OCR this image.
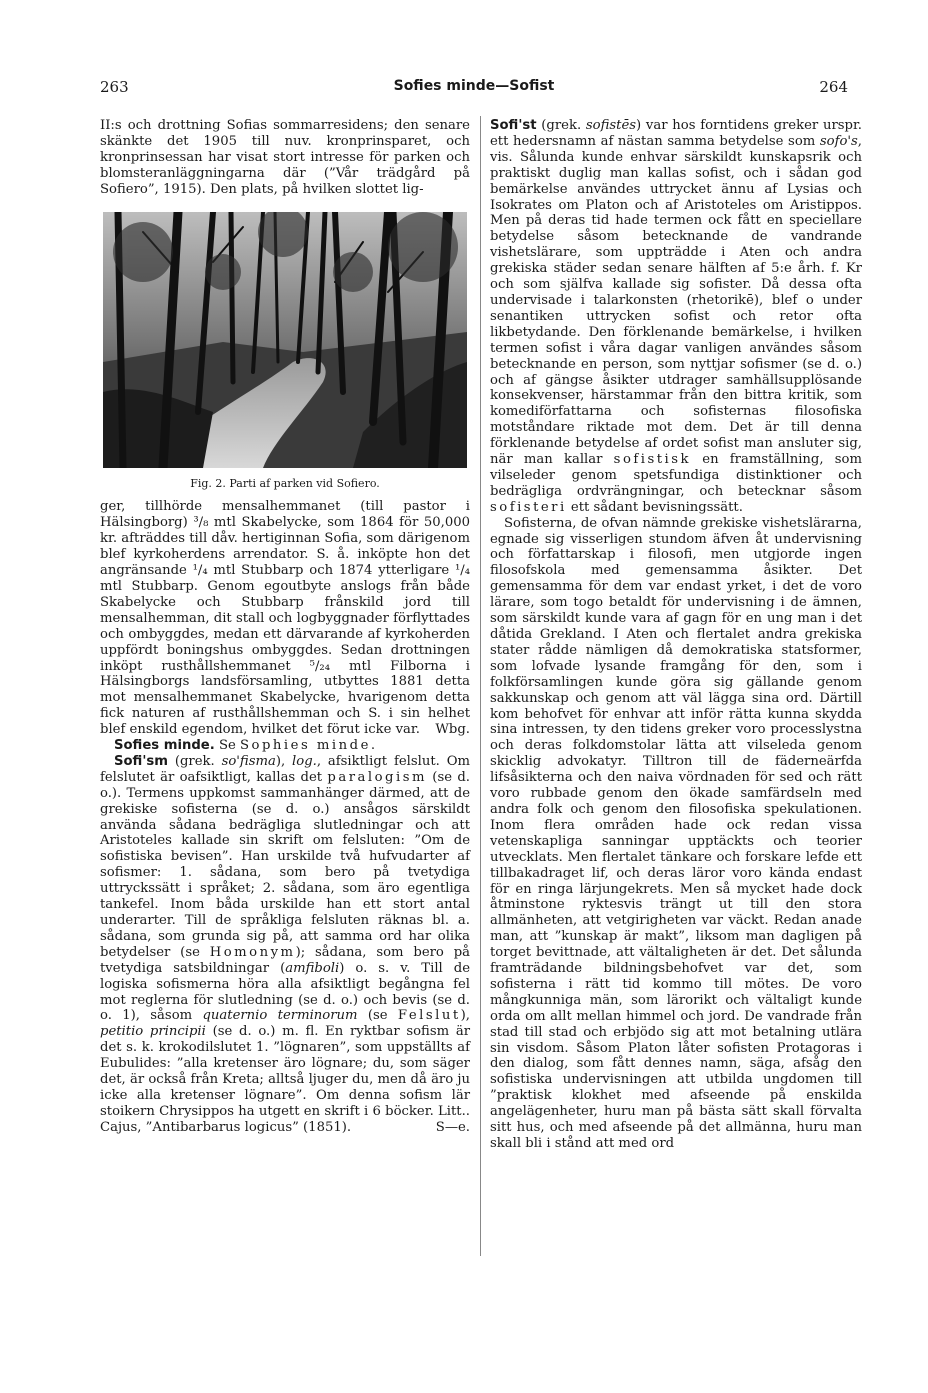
263	Sofies minde—Sofist	264

II:s och drottning Sofias sommarresidens; den senare skänkte det 1905 till nuv. kronprinsparet, och kronprinsessan har visat stort intresse för parken och blomsteranläggningarna där (”Vår trädgård på Sofiero”, 1915). Den plats, på hvilken slottet lig-

Fig. 2. Parti af parken vid Sofiero.

ger, tillhörde mensalhemmanet (till pastor i Hälsingborg) ³/₈ mtl Skabelycke, som 1864 för 50,000 kr. afträddes till dåv. hertiginnan Sofia, som därigenom blef kyrkoherdens arrendator. S. å. inköpte hon det angränsande ¹/₄ mtl Stubbarp och 1874 ytterligare ¹/₄ mtl Stubbarp. Genom egoutbyte anslogs från både Skabelycke och Stubbarp frånskild jord till mensalhemman, dit stall och logbyggnader förflyttades och ombyggdes, medan ett därvarande af kyrkoherden uppfördt boningshus ombyggdes. Sedan drottningen inköpt rusthållshemmanet ⁵/₂₄ mtl Filborna i Hälsingborgs landsförsamling, utbyttes 1881 detta mot mensalhemmanet Skabelycke, hvarigenom detta fick naturen af rusthållshemman och S. i sin helhet blef enskild egendom, hvilket det förut icke var. Wbg.

Sofies minde. Se Sophies minde.

Sofi'sm (grek. so'fisma), log., afsiktligt felslut. Om felslutet är oafsiktligt, kallas det paralogism (se d. o.). Termens uppkomst sammanhänger därmed, att de grekiske sofisterna (se d. o.) ansågos särskildt använda sådana bedrägliga slutledningar och att Aristoteles kallade sin skrift om felsluten: ”Om de sofistiska bevisen”. Han urskilde två hufvudarter af sofismer: 1. sådana, som bero på tvetydiga uttryckssätt i språket; 2. sådana, som äro egentliga tankefel. Inom båda urskilde han ett stort antal underarter. Till de språkliga felsluten räknas bl. a. sådana, som grunda sig på, att samma ord har olika betydelser (se Homonym); sådana, som bero på tvetydiga satsbildningar (amfiboli) o. s. v. Till de logiska sofismerna höra alla afsiktligt begångna fel mot reglerna för slutledning (se d. o.) och bevis (se d. o. 1), såsom quaternio terminorum (se Felslut), petitio principii (se d. o.) m. fl. En ryktbar sofism är det s. k. krokodilslutet 1. ”lögnaren”, som uppställts af Eubulides: ”alla kretenser äro lögnare; du, som säger det, är också från Kreta; alltså ljuger du, men då äro ju icke alla kretenser lögnare”. Om denna sofism lär stoikern Chrysippos ha utgett en skrift i 6 böcker. Litt.. Cajus, ”Antibarbarus logicus” (1851).	S—e.

Sofi'st (grek. sofistēs) var hos forntidens greker urspr. ett hedersnamn af nästan samma betydelse som sofo's, vis. Sålunda kunde enhvar särskildt kunskapsrik och praktiskt duglig man kallas sofist, och i sådan god bemärkelse användes uttrycket ännu af Lysias och Isokrates om Platon och af Aristoteles om Aristippos. Men på deras tid hade termen ock fått en speciellare betydelse såsom betecknande de vandrande vishetslärare, som uppträdde i Aten och andra grekiska städer sedan senare hälften af 5:e årh. f. Kr och som själfva kallade sig sofister. Då dessa ofta undervisade i talarkonsten (rhetorikē), blef o under senantiken uttrycken sofist och retor ofta likbetydande. Den förklenande bemärkelse, i hvilken termen sofist i våra dagar vanligen användes såsom betecknande en person, som nyttjar sofismer (se d. o.) och af gängse åsikter utdrager samhällsupplösande konsekvenser, härstammar från den bittra kritik, som komediförfattarna och sofisternas filosofiska motståndare riktade mot dem. Det är till denna förklenande betydelse af ordet sofist man ansluter sig, när man kallar sofistisk en framställning, som vilseleder genom spetsfundiga distinktioner och bedrägliga ordvrängningar, och betecknar såsom sofisteri ett sådant bevisningssätt.

Sofisterna, de ofvan nämnde grekiske vishetslärarna, egnade sig visserligen stundom äfven åt undervisning och författarskap i filosofi, men utgjorde ingen filosofskola med gemensamma åsikter. Det gemensamma för dem var endast yrket, i det de voro lärare, som togo betaldt för undervisning i de ämnen, som särskildt kunde vara af gagn för en ung man i det dåtida Grekland. I Aten och flertalet andra grekiska stater rådde nämligen då demokratiska statsformer, som lofvade lysande framgång för den, som i folkförsamlingen kunde göra sig gällande genom sakkunskap och genom att väl lägga sina ord. Därtill kom behofvet för enhvar att inför rätta kunna skydda sina intressen, ty den tidens greker voro processlystna och deras folkdomstolar lätta att vilseleda genom skicklig advokatyr. Tilltron till de fäderneärfda lifsåsikterna och den naiva vördnaden för sed och rätt voro rubbade genom den ökade samfärdseln med andra folk och genom den filosofiska spekulationen. Inom flera områden hade ock redan vissa vetenskapliga sanningar upptäckts och teorier utvecklats. Men flertalet tänkare och forskare lefde ett tillbakadraget lif, och deras läror voro kända endast för en ringa lärjungekrets. Men så mycket hade dock åtminstone ryktesvis trängt ut till den stora allmänheten, att vetgirigheten var väckt. Redan anade man, att ”kunskap är makt”, liksom man dagligen på torget bevittnade, att vältaligheten är det. Det sålunda framträdande bildningsbehofvet var det, som sofisterna i rätt tid kommo till mötes. De voro mångkunniga män, som lärorikt och vältaligt kunde orda om allt mellan himmel och jord. De vandrade från stad till stad och erbjödo sig att mot betalning utlära sin visdom. Såsom Platon låter sofisten Protagoras i den dialog, som fått dennes namn, säga, afsåg den sofistiska undervisningen att utbilda ungdomen till ”praktisk klokhet med afseende på enskilda angelägenheter, huru man på bästa sätt skall förvalta sitt hus, och med afseende på det allmänna, huru man skall bli i stånd att med ord
